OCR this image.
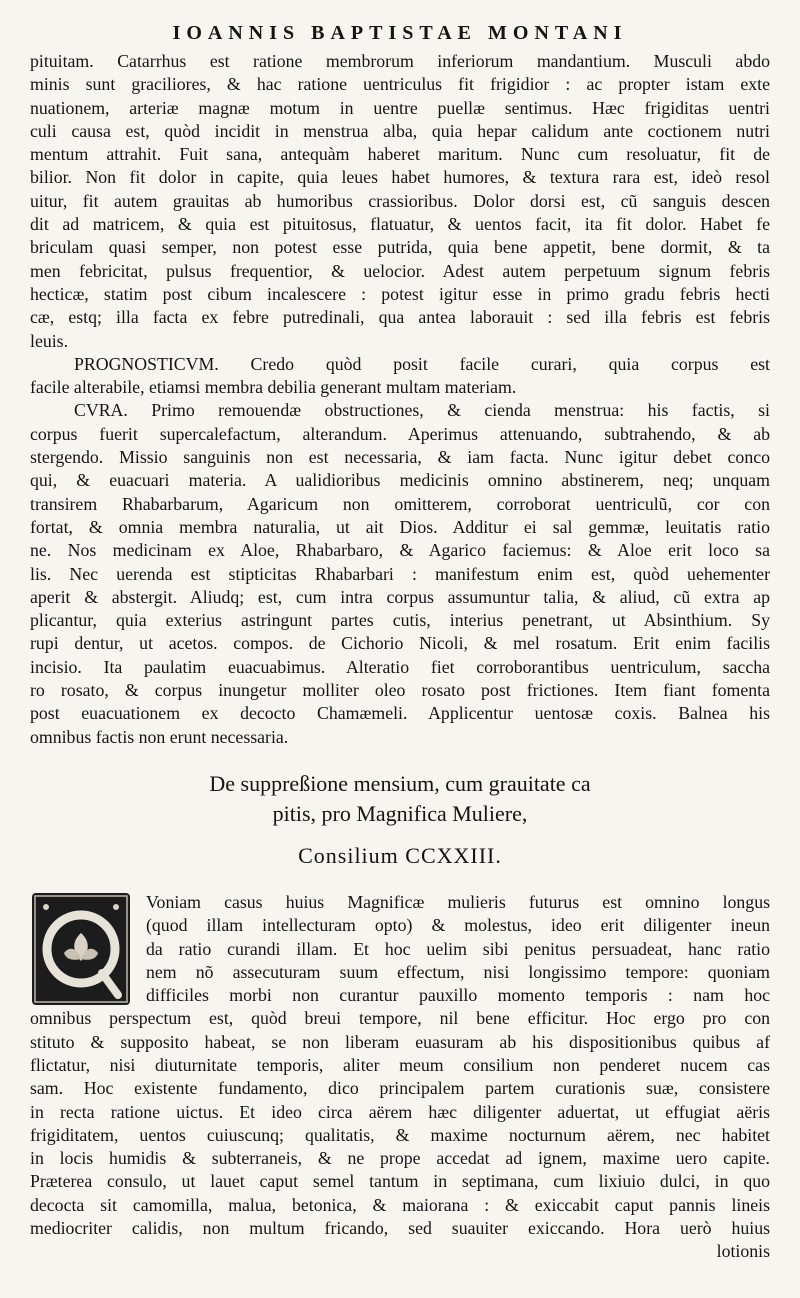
IOANNIS BAPTISTAE MONTANI
pituitam. Catarrhus est ratione membrorum inferiorum mandantium. Musculi abdo
minis sunt graciliores, & hac ratione uentriculus fit frigidior : ac propter istam exte
nuationem, arteriæ magnæ motum in uentre puellæ sentimus. Hæc frigiditas uentri
culi causa est, quòd incidit in menstrua alba, quia hepar calidum ante coctionem nutri
mentum attrahit. Fuit sana, antequàm haberet maritum. Nunc cum resoluatur, fit de
bilior. Non fit dolor in capite, quia leues habet humores, & textura rara est, ideò resol
uitur, fit autem grauitas ab humoribus crassioribus. Dolor dorsi est, cũ sanguis descen
dit ad matricem, & quia est pituitosus, flatuatur, & uentos facit, ita fit dolor. Habet fe
briculam quasi semper, non potest esse putrida, quia bene appetit, bene dormit, & ta
men febricitat, pulsus frequentior, & uelocior. Adest autem perpetuum signum febris
hecticæ, statim post cibum incalescere : potest igitur esse in primo gradu febris hecti
cæ, estq; illa facta ex febre putredinali, qua antea laborauit : sed illa febris est febris
leuis.
PROGNOSTICVM. Credo quòd posit facile curari, quia corpus est
facile alterabile, etiamsi membra debilia generant multam materiam.
CVRA. Primo remouendæ obstructiones, & cienda menstrua: his factis, si
corpus fuerit supercalefactum, alterandum. Aperimus attenuando, subtrahendo, & ab
stergendo. Missio sanguinis non est necessaria, & iam facta. Nunc igitur debet conco
qui, & euacuari materia. A ualidioribus medicinis omnino abstinerem, neq; unquam
transirem Rhabarbarum, Agaricum non omitterem, corroborat uentriculũ, cor con
fortat, & omnia membra naturalia, ut ait Dios. Additur ei sal gemmæ, leuitatis ratio
ne. Nos medicinam ex Aloe, Rhabarbaro, & Agarico faciemus: & Aloe erit loco sa
lis. Nec uerenda est stipticitas Rhabarbari : manifestum enim est, quòd uehementer
aperit & abstergit. Aliudq; est, cum intra corpus assumuntur talia, & aliud, cũ extra ap
plicantur, quia exterius astringunt partes cutis, interius penetrant, ut Absinthium. Sy
rupi dentur, ut acetos. compos. de Cichorio Nicoli, & mel rosatum. Erit enim facilis
incisio. Ita paulatim euacuabimus. Alteratio fiet corroborantibus uentriculum, saccha
ro rosato, & corpus inungetur molliter oleo rosato post frictiones. Item fiant fomenta
post euacuationem ex decocto Chamæmeli. Applicentur uentosæ coxis. Balnea his
omnibus factis non erunt necessaria.
De suppreßione mensium, cum grauitate ca
pitis, pro Magnifica Muliere,
Consilium CCXXIII.
Voniam casus huius Magnificæ mulieris futurus est omnino longus
(quod illam intellecturam opto) & molestus, ideo erit diligenter ineun
da ratio curandi illam. Et hoc uelim sibi penitus persuadeat, hanc ratio
nem nõ assecuturam suum effectum, nisi longissimo tempore: quoniam
difficiles morbi non curantur pauxillo momento temporis : nam hoc
omnibus perspectum est, quòd breui tempore, nil bene efficitur. Hoc ergo pro con
stituto & supposito habeat, se non liberam euasuram ab his dispositionibus quibus af
flictatur, nisi diuturnitate temporis, aliter meum consilium non penderet nucem cas
sam. Hoc existente fundamento, dico principalem partem curationis suæ, consistere
in recta ratione uictus. Et ideo circa aërem hæc diligenter aduertat, ut effugiat aëris
frigiditatem, uentos cuiuscunq; qualitatis, & maxime nocturnum aërem, nec habitet
in locis humidis & subterraneis, & ne prope accedat ad ignem, maxime uero capite.
Præterea consulo, ut lauet caput semel tantum in septimana, cum lixiuio dulci, in quo
decocta sit camomilla, malua, betonica, & maiorana : & exiccabit caput pannis lineis
mediocriter calidis, non multum fricando, sed suauiter exiccando. Hora uerò huius
lotionis
